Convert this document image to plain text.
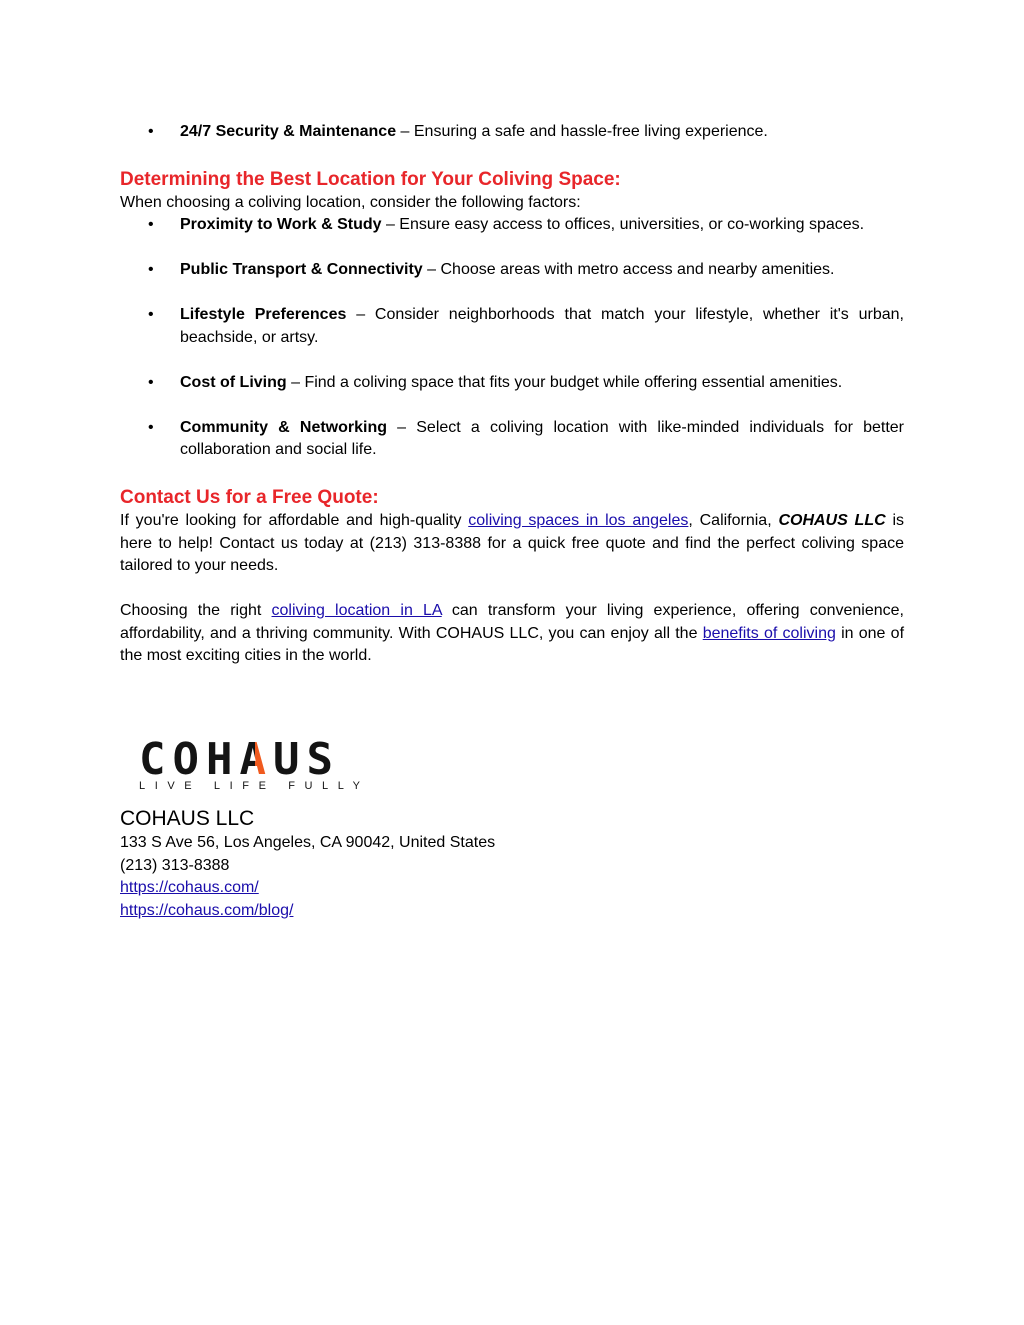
• 24/7 Security & Maintenance – Ensuring a safe and hassle-free living experience.
Determining the Best Location for Your Coliving Space:
When choosing a coliving location, consider the following factors:
• Proximity to Work & Study – Ensure easy access to offices, universities, or co-working spaces.
• Public Transport & Connectivity – Choose areas with metro access and nearby amenities.
• Lifestyle Preferences – Consider neighborhoods that match your lifestyle, whether it's urban, beachside, or artsy.
• Cost of Living – Find a coliving space that fits your budget while offering essential amenities.
• Community & Networking – Select a coliving location with like-minded individuals for better collaboration and social life.
Contact Us for a Free Quote:

If you're looking for affordable and high-quality coliving spaces in los angeles, California, COHAUS LLC is here to help! Contact us today at (213) 313-8388 for a quick free quote and find the perfect coliving space tailored to your needs.

Choosing the right coliving location in LA can transform your living experience, offering convenience, affordability, and a thriving community. With COHAUS LLC, you can enjoy all the benefits of coliving in one of the most exciting cities in the world.

COHAUS
LIVE LIFE FULLY
COHAUS LLC
133 S Ave 56, Los Angeles, CA 90042, United States
(213) 313-8388
https://cohaus.com/
https://cohaus.com/blog/
